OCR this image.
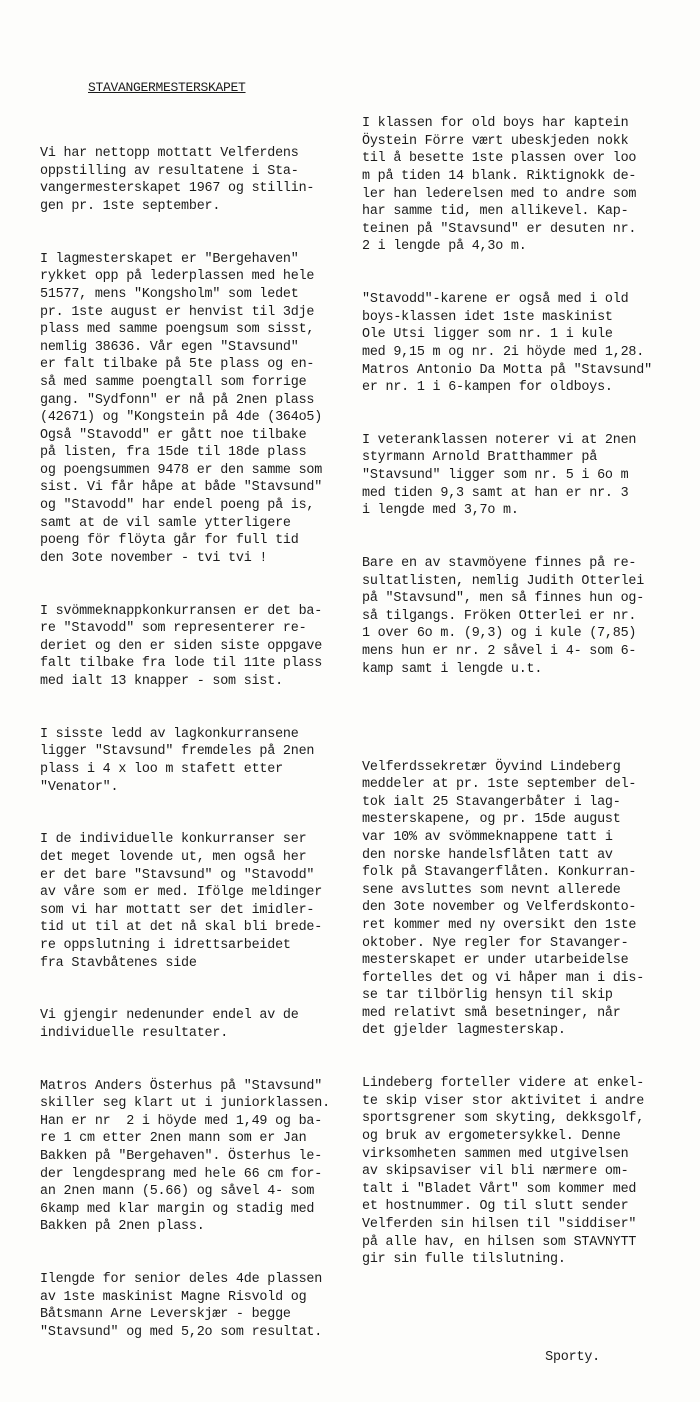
STAVANGERMESTERSKAPET

Vi har nettopp mottatt Velferdens
oppstilling av resultatene i Sta-
vangermesterskapet 1967 og stillin-
gen pr. 1ste september.

I lagmesterskapet er "Bergehaven"
rykket opp på lederplassen med hele
51577, mens "Kongsholm" som ledet
pr. 1ste august er henvist til 3dje
plass med samme poengsum som sisst,
nemlig 38636. Vår egen "Stavsund"
er falt tilbake på 5te plass og en-
så med samme poengtall som forrige
gang. "Sydfonn" er nå på 2nen plass
(42671) og "Kongstein på 4de (364o5)
Også "Stavodd" er gått noe tilbake
på listen, fra 15de til 18de plass
og poengsummen 9478 er den samme som
sist. Vi får håpe at både "Stavsund"
og "Stavodd" har endel poeng på is,
samt at de vil samle ytterligere
poeng för flöyta går for full tid
den 3ote november - tvi tvi !

I svömmeknappkonkurransen er det ba-
re "Stavodd" som representerer re-
deriet og den er siden siste oppgave
falt tilbake fra lode til 11te plass
med ialt 13 knapper - som sist.

I sisste ledd av lagkonkurransene
ligger "Stavsund" fremdeles på 2nen
plass i 4 x loo m stafett etter
"Venator".

I de individuelle konkurranser ser
det meget lovende ut, men også her
er det bare "Stavsund" og "Stavodd"
av våre som er med. Ifölge meldinger
som vi har mottatt ser det imidler-
tid ut til at det nå skal bli brede-
re oppslutning i idrettsarbeidet
fra Stavbåtenes side

Vi gjengir nedenunder endel av de
individuelle resultater.

Matros Anders Österhus på "Stavsund"
skiller seg klart ut i juniorklassen.
Han er nr  2 i höyde med 1,49 og ba-
re 1 cm etter 2nen mann som er Jan
Bakken på "Bergehaven". Österhus le-
der lengdesprang med hele 66 cm for-
an 2nen mann (5.66) og såvel 4- som
6kamp med klar margin og stadig med
Bakken på 2nen plass.

Ilengde for senior deles 4de plassen
av 1ste maskinist Magne Risvold og
Båtsmann Arne Leverskjær - begge
"Stavsund" og med 5,2o som resultat.

I klassen for old boys har kaptein
Öystein Förre vært ubeskjeden nokk
til å besette 1ste plassen over loo
m på tiden 14 blank. Riktignokk de-
ler han lederelsen med to andre som
har samme tid, men allikevel. Kap-
teinen på "Stavsund" er desuten nr.
2 i lengde på 4,3o m.

"Stavodd"-karene er også med i old
boys-klassen idet 1ste maskinist
Ole Utsi ligger som nr. 1 i kule
med 9,15 m og nr. 2i höyde med 1,28.
Matros Antonio Da Motta på "Stavsund"
er nr. 1 i 6-kampen for oldboys.

I veteranklassen noterer vi at 2nen
styrmann Arnold Bratthammer på
"Stavsund" ligger som nr. 5 i 6o m
med tiden 9,3 samt at han er nr. 3
i lengde med 3,7o m.

Bare en av stavmöyene finnes på re-
sultatlisten, nemlig Judith Otterlei
på "Stavsund", men så finnes hun og-
så tilgangs. Fröken Otterlei er nr.
1 over 6o m. (9,3) og i kule (7,85)
mens hun er nr. 2 såvel i 4- som 6-
kamp samt i lengde u.t.

Velferdssekretær Öyvind Lindeberg
meddeler at pr. 1ste september del-
tok ialt 25 Stavangerbåter i lag-
mesterskapene, og pr. 15de august
var 10% av svömmeknappene tatt i
den norske handelsflåten tatt av
folk på Stavangerflåten. Konkurran-
sene avsluttes som nevnt allerede
den 3ote november og Velferdskonto-
ret kommer med ny oversikt den 1ste
oktober. Nye regler for Stavanger-
mesterskapet er under utarbeidelse
fortelles det og vi håper man i dis-
se tar tilbörlig hensyn til skip
med relativt små besetninger, når
det gjelder lagmesterskap.

Lindeberg forteller videre at enkel-
te skip viser stor aktivitet i andre
sportsgrener som skyting, dekksgolf,
og bruk av ergometersykkel. Denne
virksomheten sammen med utgivelsen
av skipsaviser vil bli nærmere om-
talt i "Bladet Vårt" som kommer med
et hostnummer. Og til slutt sender
Velferden sin hilsen til "siddiser"
på alle hav, en hilsen som STAVNYTT
gir sin fulle tilslutning.

Sporty.
